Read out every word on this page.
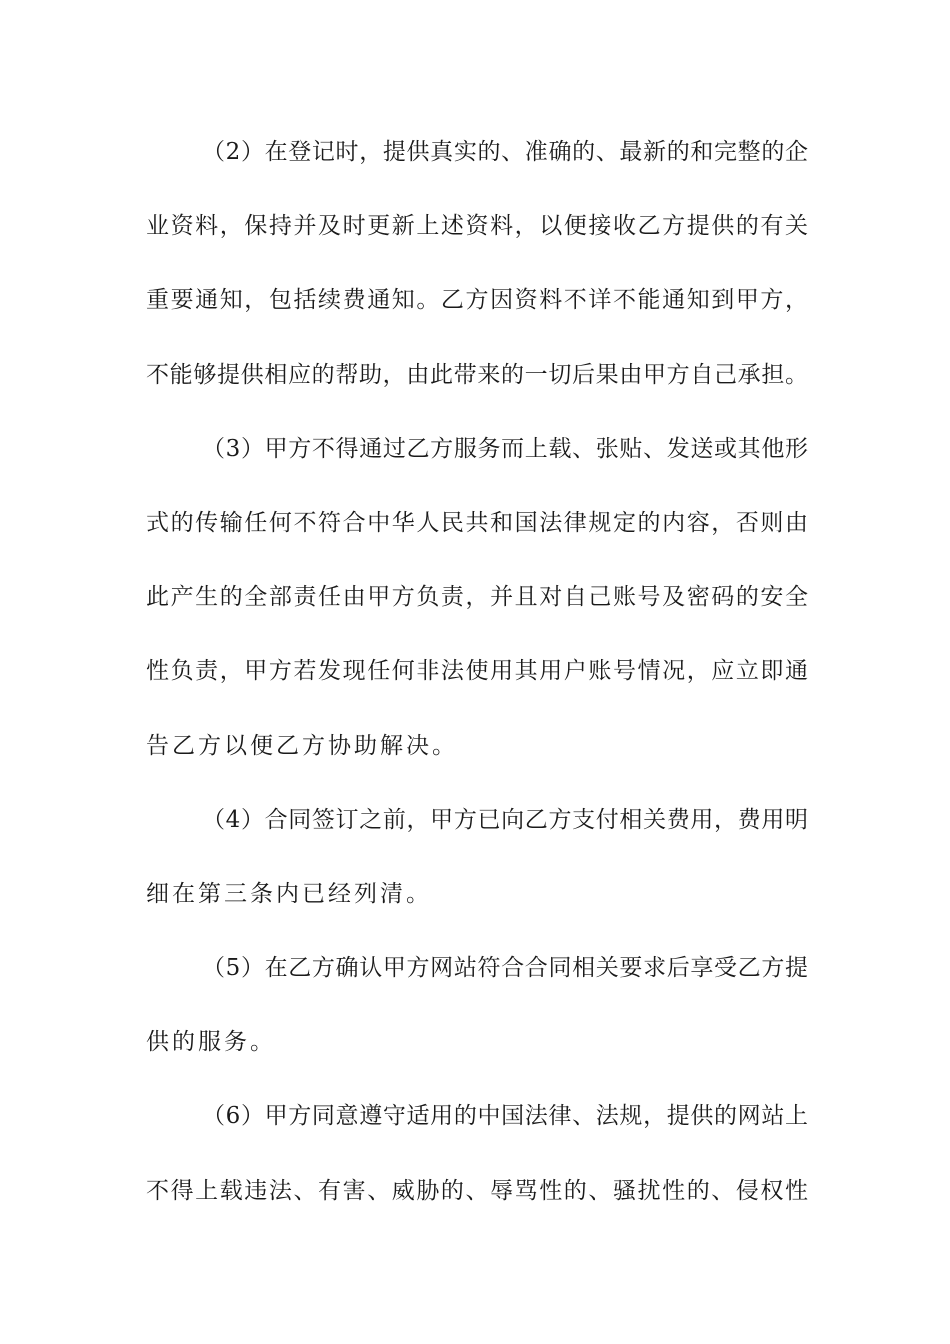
（2）在登记时，提供真实的、准确的、最新的和完整的企
业资料，保持并及时更新上述资料，以便接收乙方提供的有关
重要通知，包括续费通知。乙方因资料不详不能通知到甲方，
不能够提供相应的帮助，由此带来的一切后果由甲方自己承担。
（3）甲方不得通过乙方服务而上载、张贴、发送或其他形
式的传输任何不符合中华人民共和国法律规定的内容，否则由
此产生的全部责任由甲方负责，并且对自己账号及密码的安全
性负责，甲方若发现任何非法使用其用户账号情况，应立即通
告乙方以便乙方协助解决。
（4）合同签订之前，甲方已向乙方支付相关费用，费用明
细在第三条内已经列清。
（5）在乙方确认甲方网站符合合同相关要求后享受乙方提
供的服务。
（6）甲方同意遵守适用的中国法律、法规，提供的网站上
不得上载违法、有害、威胁的、辱骂性的、骚扰性的、侵权性
